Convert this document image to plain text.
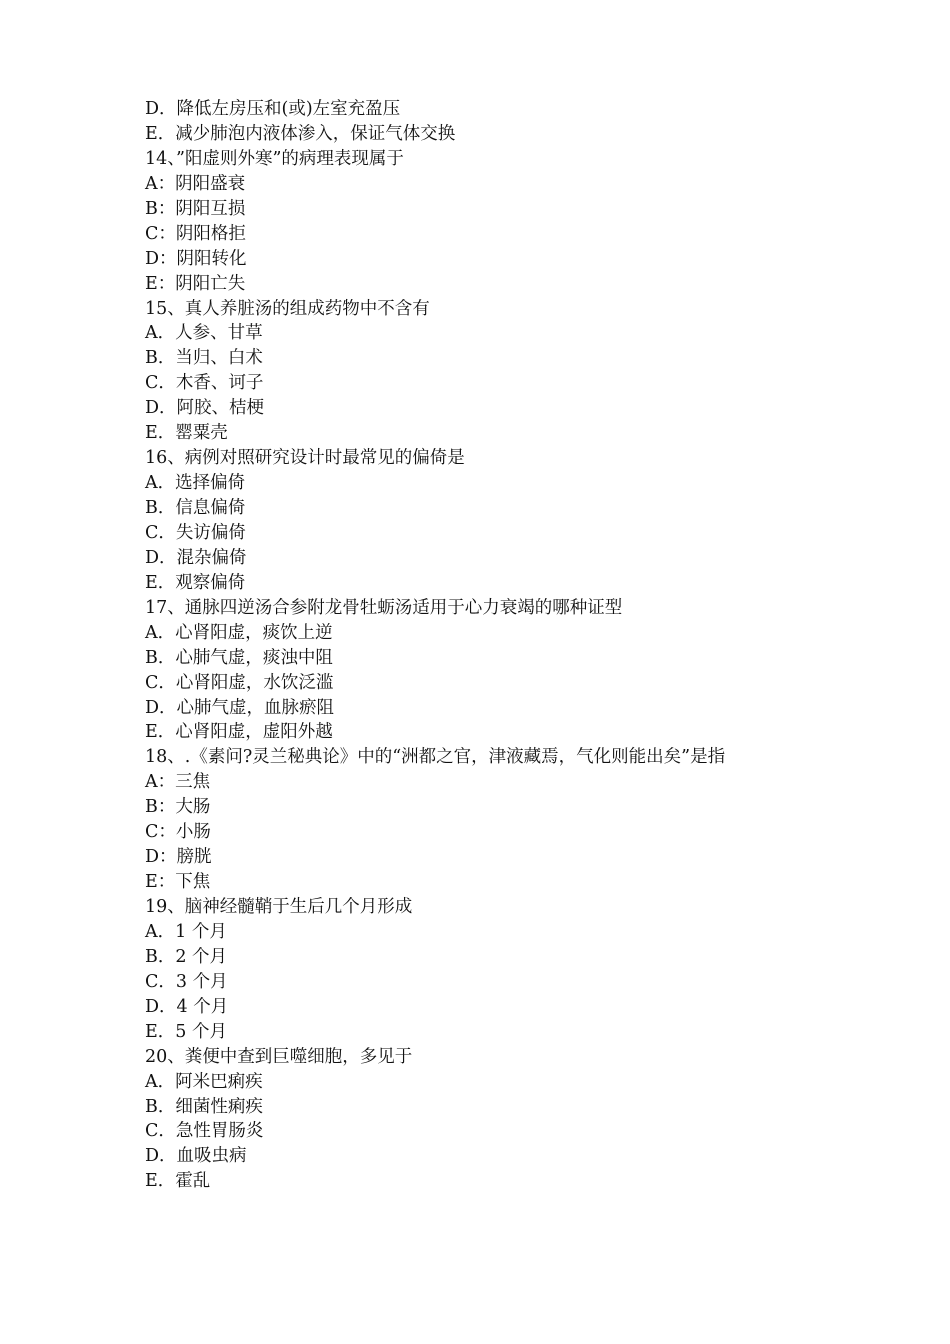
D．降低左房压和(或)左室充盈压
E．减少肺泡内液体渗入，保证气体交换
14、”阳虚则外寒”的病理表现属于
A：阴阳盛衰
B：阴阳互损
C：阴阳格拒
D：阴阳转化
E：阴阳亡失
15、真人养脏汤的组成药物中不含有
A．人参、甘草
B．当归、白术
C．木香、诃子
D．阿胶、桔梗
E．罂粟壳
16、病例对照研究设计时最常见的偏倚是
A．选择偏倚
B．信息偏倚
C．失访偏倚
D．混杂偏倚
E．观察偏倚
17、通脉四逆汤合参附龙骨牡蛎汤适用于心力衰竭的哪种证型
A．心肾阳虚，痰饮上逆
B．心肺气虚，痰浊中阻
C．心肾阳虚，水饮泛滥
D．心肺气虚，血脉瘀阻
E．心肾阳虚，虚阳外越
18、.《素问?灵兰秘典论》中的“洲都之官，津液藏焉，气化则能出矣”是指
A：三焦
B：大肠
C：小肠
D：膀胱
E：下焦
19、脑神经髓鞘于生后几个月形成
A．1 个月
B．2 个月
C．3 个月
D．4 个月
E．5 个月
20、粪便中查到巨噬细胞，多见于
A．阿米巴痢疾
B．细菌性痢疾
C．急性胃肠炎
D．血吸虫病
E．霍乱
